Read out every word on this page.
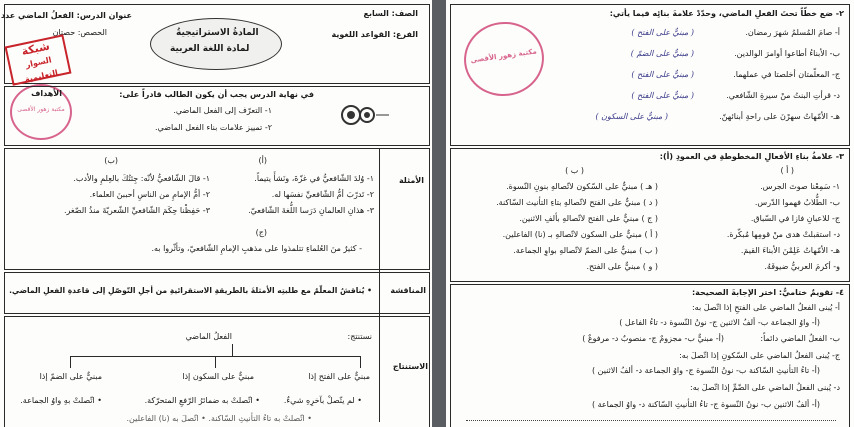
الصف: السابع
الفرع: القواعد اللغوية
المادةُ الاستراتيجيةُ
لمادة اللغة العربية
عنوان الدرس: الفعلُ الماضي عدد
الحصص: حصتان
شبكة
السوار التعليمية
مكتبة زهور الأقصى
الأهداف	في نهاية الدرس يجب أن يكون الطالب قادراً على:
١- التعرّف إلى الفعل الماضي.
٢- تمييز علامات بناء الفعل الماضي.
الأمثلة
(أ)
(ب)
١- وُلدَ الشّافعيُّ في غزّةَ، ونَشأَ يتيماً.
٢- تَدرّبَ أمُّ الشّافعيِّ نفسَها له.
٣- هذانِ العالمانِ دَرَسا اللُّغةَ الشّافعيّ.
١- قالَ الشّافعيُّ لأنّه: جِئتُكَ بالعِلمِ والأدب.
٢- أمُّ الإمامِ من الناسِ أحببنَ العلماء.
٣- حَفِظْنا حِكَمَ الشّافعيِّ الشّعريّةَ منذُ الصّغر.
(ج)
- كثيرٌ منَ العُلماءِ تتلمذوا على مذهبِ الإمامِ الشّافعيّ، وتأثّروا به.
المناقشة
• يُناقشُ المعلّمُ مع طلبتِه الأمثلةَ بالطريقةِ الاستقرائيةِ من أجلِ التّوصّلِ إلى قاعدةِ الفعلِ الماضي.
الاستنتاج
نستنتج:
الفعلُ الماضي
مبنيٌّ على الفتح إذا
مبنيٌّ على السكون إذا
مبنيٌّ على الضمّ إذا
• لم يتّصلْ بآخرِهِ شيءٌ.
• اتّصلتْ به ضمائرُ الرّفعِ المتحرّكة.
• اتّصلتْ بهِ واوُ الجماعة.
• اتّصلتْ به تاءُ التأنيثِ السّاكنة. • اتّصلَ به (نا) الفاعلين.
٢- ضع خطّاً تحتَ الفعلِ الماضي، وحدّدْ علامةَ بنائِه فيما يأتي:
أ- صامَ المُسلمُ شهرَ رمضان.
( مبنيٌّ على الفتح )
ب- الأبناءُ أطاعوا أوامرَ الوالدين.
( مبنيٌّ على الضمّ )
ج- المعلّمتان أخلصتا في عملهما.
( مبنيٌّ على الفتح )
د- قرأتِ البنتُ منْ سيرةِ الشّافعي.
( مبنيٌّ على الفتح )
هـ- الأمّهاتُ سهرْنَ على راحةِ أبنائهنّ.
( مبنيٌّ على السكون )
مكتبة زهور الأقصى
٣- علامةُ بناءِ الأفعالِ المخطوطةِ في العمودِ (أ):
( أ )
( ب )
١- سَمِعْنا صوتَ الجرس.
ب- الطُّلابُ فهموا الدّرس.
ج- للاعبانِ فازا في السّباق.
د- استقبلتْ هدى منْ قومِها مُبكّرة.
هـ- الأمّهاتُ عَلِمْنَ الأبناءَ القيمَ.
و- أكرمَ العربيُّ ضيوفَهُ.
( هـ ) مبنيٌّ على السّكون لاتّصالهِ بنونِ النّسوة.
( د ) مبنيٌّ على الفتح لاتّصالهِ بتاءِ التأنيث السّاكنة.
( ج ) مبنيٌّ على الفتح لاتّصالهِ بألفِ الاثنين.
( أ ) مبنيٌّ على السكون لاتّصالهِ بـ (نا) الفاعلين.
( ب ) مبنيٌّ على الضمّ لاتّصالهِ بواوِ الجماعة.
( و ) مبنيٌّ على الفتح.
٤- تقويمٌ ختاميٌّ: اختر الإجابةَ الصحيحة:
أ- يُبنى الفعلُ الماضي على الفتحِ إذا اتّصلَ به:
(أ- واوُ الجماعة ب- ألفُ الاثنين ج- نونُ النّسوة د- تاءُ الفاعل )
ب- الفعلُ الماضي دائماً:
(أ- مبنيٌّ ب- مجزومٌ ج- منصوبٌ د- مرفوعٌ )
ج- يُبنى الفعلُ الماضي على السّكونِ إذا اتّصلَ به:
(أ- تاءُ التأنيثِ السّاكنة ب- نونُ النّسوة ج- واوُ الجماعة د- ألفُ الاثنين )
د- يُبنى الفعلُ الماضي على الضّمِّ إذا اتّصلَ به:
(أ- ألفُ الاثنين ب- نونُ النّسوة ج- تاءُ التأنيثِ السّاكنة د- واوُ الجماعة )
